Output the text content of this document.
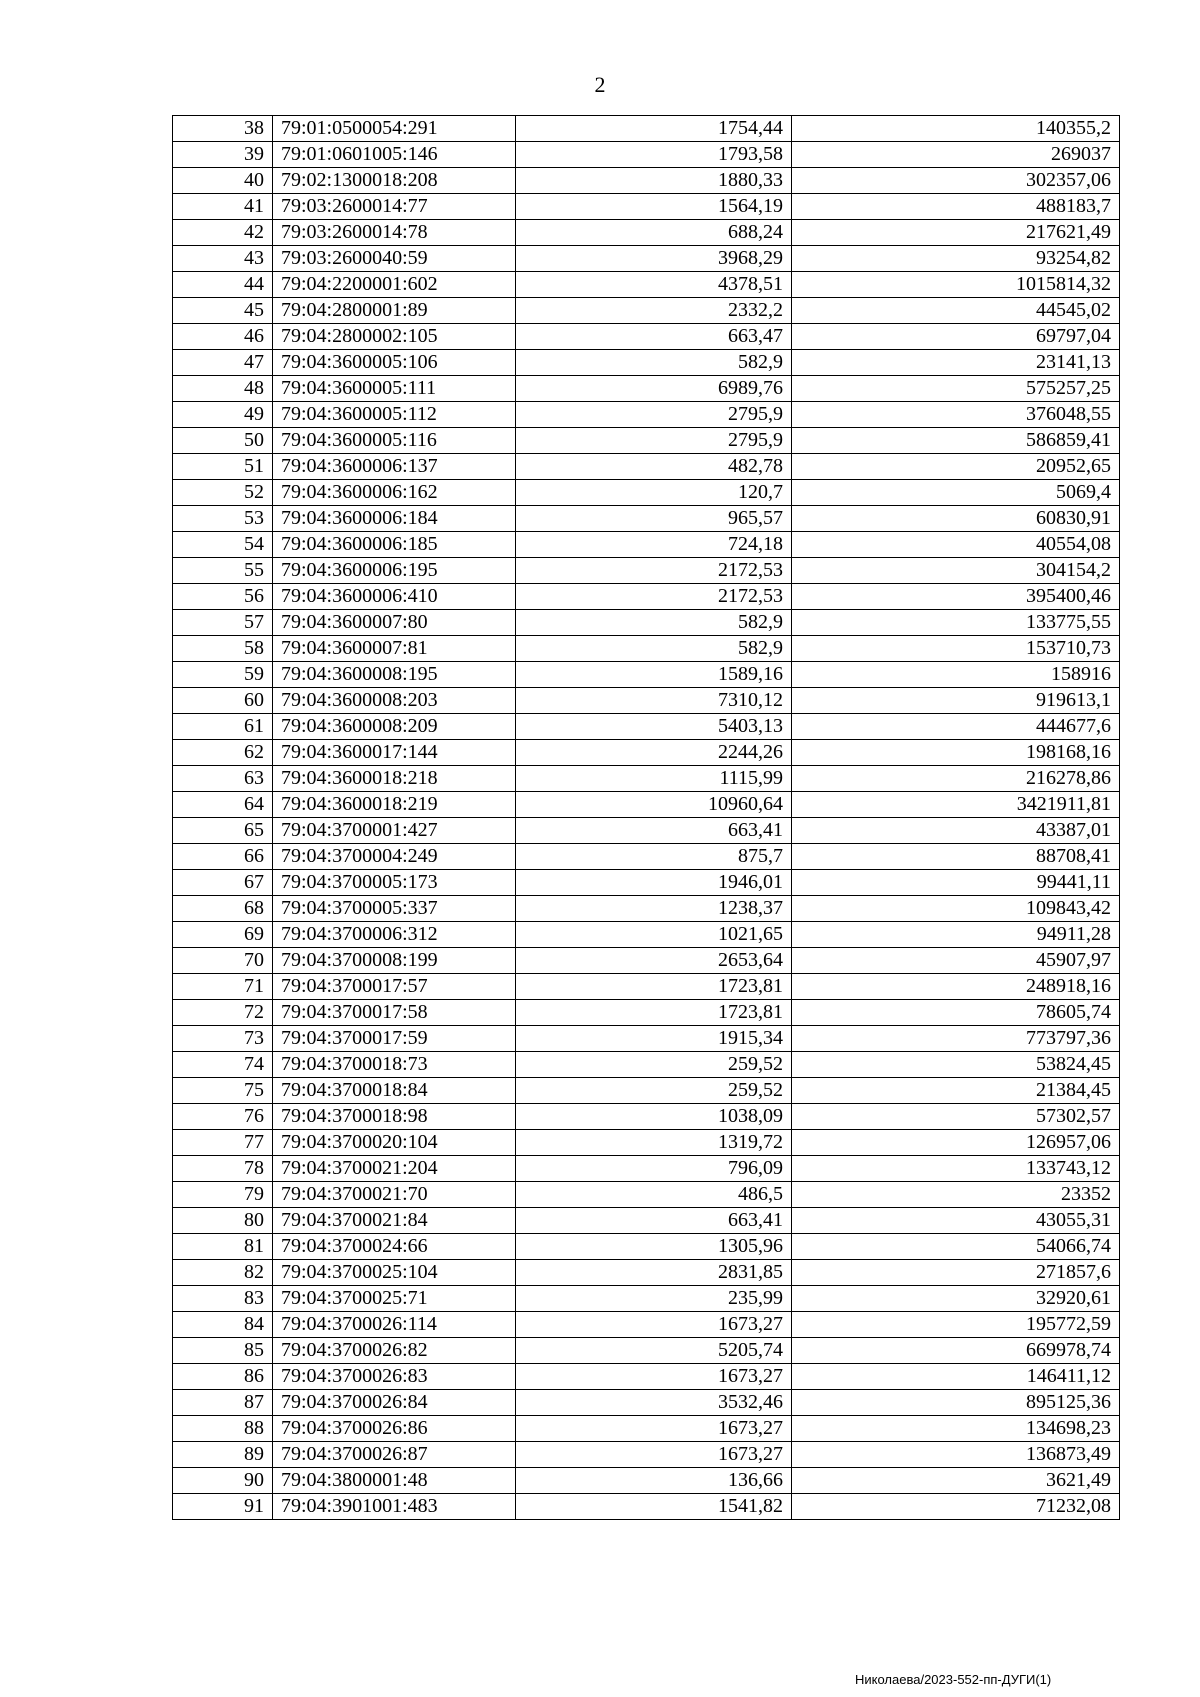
2
38	79:01:0500054:291	1754,44	140355,2
39	79:01:0601005:146	1793,58	269037
40	79:02:1300018:208	1880,33	302357,06
41	79:03:2600014:77	1564,19	488183,7
42	79:03:2600014:78	688,24	217621,49
43	79:03:2600040:59	3968,29	93254,82
44	79:04:2200001:602	4378,51	1015814,32
45	79:04:2800001:89	2332,2	44545,02
46	79:04:2800002:105	663,47	69797,04
47	79:04:3600005:106	582,9	23141,13
48	79:04:3600005:111	6989,76	575257,25
49	79:04:3600005:112	2795,9	376048,55
50	79:04:3600005:116	2795,9	586859,41
51	79:04:3600006:137	482,78	20952,65
52	79:04:3600006:162	120,7	5069,4
53	79:04:3600006:184	965,57	60830,91
54	79:04:3600006:185	724,18	40554,08
55	79:04:3600006:195	2172,53	304154,2
56	79:04:3600006:410	2172,53	395400,46
57	79:04:3600007:80	582,9	133775,55
58	79:04:3600007:81	582,9	153710,73
59	79:04:3600008:195	1589,16	158916
60	79:04:3600008:203	7310,12	919613,1
61	79:04:3600008:209	5403,13	444677,6
62	79:04:3600017:144	2244,26	198168,16
63	79:04:3600018:218	1115,99	216278,86
64	79:04:3600018:219	10960,64	3421911,81
65	79:04:3700001:427	663,41	43387,01
66	79:04:3700004:249	875,7	88708,41
67	79:04:3700005:173	1946,01	99441,11
68	79:04:3700005:337	1238,37	109843,42
69	79:04:3700006:312	1021,65	94911,28
70	79:04:3700008:199	2653,64	45907,97
71	79:04:3700017:57	1723,81	248918,16
72	79:04:3700017:58	1723,81	78605,74
73	79:04:3700017:59	1915,34	773797,36
74	79:04:3700018:73	259,52	53824,45
75	79:04:3700018:84	259,52	21384,45
76	79:04:3700018:98	1038,09	57302,57
77	79:04:3700020:104	1319,72	126957,06
78	79:04:3700021:204	796,09	133743,12
79	79:04:3700021:70	486,5	23352
80	79:04:3700021:84	663,41	43055,31
81	79:04:3700024:66	1305,96	54066,74
82	79:04:3700025:104	2831,85	271857,6
83	79:04:3700025:71	235,99	32920,61
84	79:04:3700026:114	1673,27	195772,59
85	79:04:3700026:82	5205,74	669978,74
86	79:04:3700026:83	1673,27	146411,12
87	79:04:3700026:84	3532,46	895125,36
88	79:04:3700026:86	1673,27	134698,23
89	79:04:3700026:87	1673,27	136873,49
90	79:04:3800001:48	136,66	3621,49
91	79:04:3901001:483	1541,82	71232,08
Николаева/2023-552-пп-ДУГИ(1)
